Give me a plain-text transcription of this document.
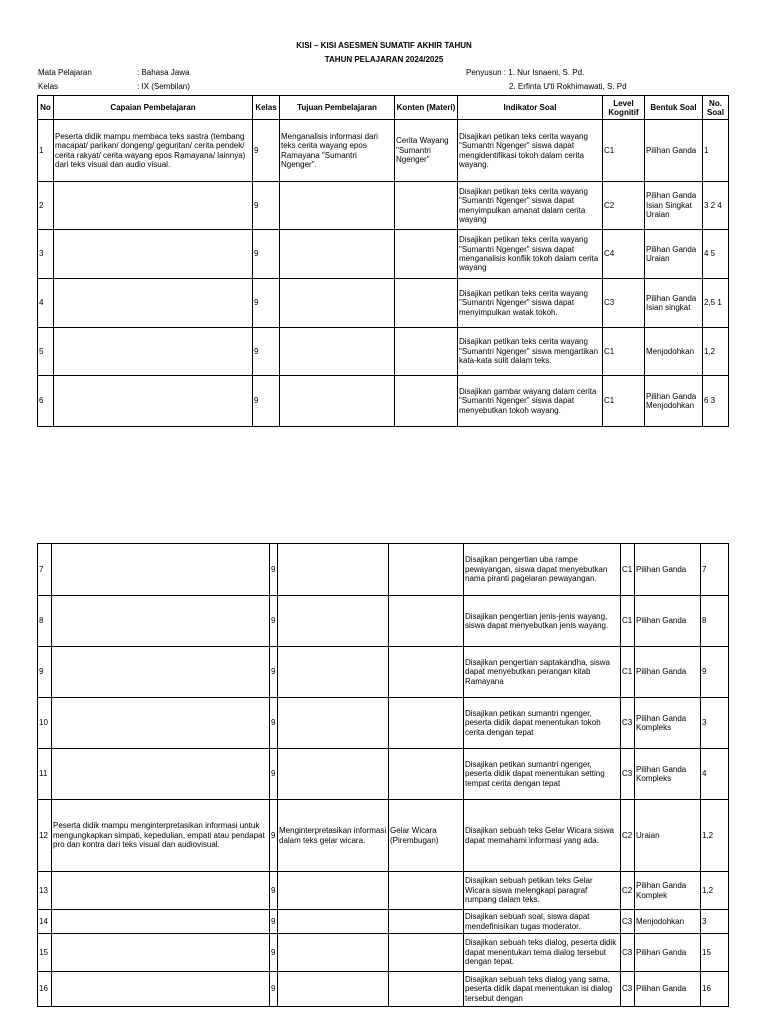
KISI – KISI ASESMEN SUMATIF AKHIR TAHUN
TAHUN PELAJARAN 2024/2025
Mata Pelajaran	: Bahasa Jawa
Kelas	: IX (Sembilan)
Penyusun : 1. Nur Isnaeni, S. Pd.
2. Erfinta U'ti Rokhimawati, S. Pd
No	Capaian Pembelajaran	Kelas	Tujuan Pembelajaran	Konten (Materi)	Indikator Soal	Level Kognitif	Bentuk Soal	No. Soal
1	Peserta didik mampu membaca teks sastra (tembang macapat/ parikan/ dongeng/ geguritan/ cerita pendek/ cerita rakyat/ cerita wayang epos Ramayana/ lainnya) dari teks visual dan audio visual.	9	Menganalisis informasi dari teks cerita wayang epos Ramayana "Sumantri Ngenger".	Cerita Wayang "Sumantri Ngenger"	Disajikan petikan teks cerita wayang "Sumantri Ngenger" siswa dapat mengidentifikasi tokoh dalam cerita wayang.	C1	Pilihan Ganda	1
2		9			Disajikan petikan teks cerita wayang "Sumantri Ngenger" siswa dapat menyimpulkan amanat dalam cerita wayang	C2	Pilihan Ganda Isian Singkat Uraian	3 2 4
3		9			Disajikan petikan teks cerita wayang "Sumantri Ngenger" siswa dapat menganalisis konflik tokoh dalam cerita wayang	C4	Pilihan Ganda Uraian	4 5
4		9			Disajikan petikan teks cerita wayang "Sumantri Ngenger" siswa dapat menyimpulkan watak tokoh.	C3	Pilihan Ganda Isian singkat	2,5 1
5		9			Disajikan petikan teks cerita wayang "Sumantri Ngenger" siswa mengartikan kata-kata sulit dalam teks.	C1	Menjodohkan	1,2
6		9			Disajikan gambar wayang dalam cerita "Sumantri Ngenger" siswa dapat menyebutkan tokoh wayang.	C1	Pilihan Ganda Menjodohkan	6 3
7		9			Disajikan pengertian uba rampe pewayangan, siswa dapat menyebutkan nama piranti pagelaran pewayangan.	C1	Pilihan Ganda	7
8		9			Disajikan pengertian jenis-jenis wayang, siswa dapat menyebutkan jenis wayang.	C1	Pilihan Ganda	8
9		9			Disajikan pengertian saptakandha, siswa dapat menyebutkan perangan kitab Ramayana	C1	Pilihan Ganda	9
10		9			Disajikan petikan sumantri ngenger, peserta didik dapat menentukan tokoh cerita dengan tepat	C3	Pilihan Ganda Kompleks	3
11		9			Disajikan petikan sumantri ngenger, peserta didik dapat menentukan setting tempat cerita dengan tepat	C3	Pilihan Ganda Kompleks	4
12	Peserta didik mampu menginterpretasikan informasi untuk mengungkapkan simpati, kepedulian, empati atau pendapat pro dan kontra dari teks visual dan audiovisual.	9	Menginterpretasikan informasi dalam teks gelar wicara.	Gelar Wicara (Pirembugan)	Disajikan sebuah teks Gelar Wicara siswa dapat memahami informasi yang ada.	C2	Uraian	1,2
13		9			Disajikan sebuah petikan teks Gelar Wicara siswa melengkapi paragraf rumpang dalam teks.	C2	Pilihan Ganda Komplek	1,2
14		9			Disajikan sebuah soal, siswa dapat mendefinisikan tugas moderator.	C3	Menjodohkan	3
15		9			Disajikan sebuah teks dialog, peserta didik dapat menentukan tema dialog tersebut dengan tepat.	C3	Pilihan Ganda	15
16		9			Disajikan sebuah teks dialog yang sama, peserta didik dapat menentukan isi dialog tersebut dengan	C3	Pilihan Ganda	16
